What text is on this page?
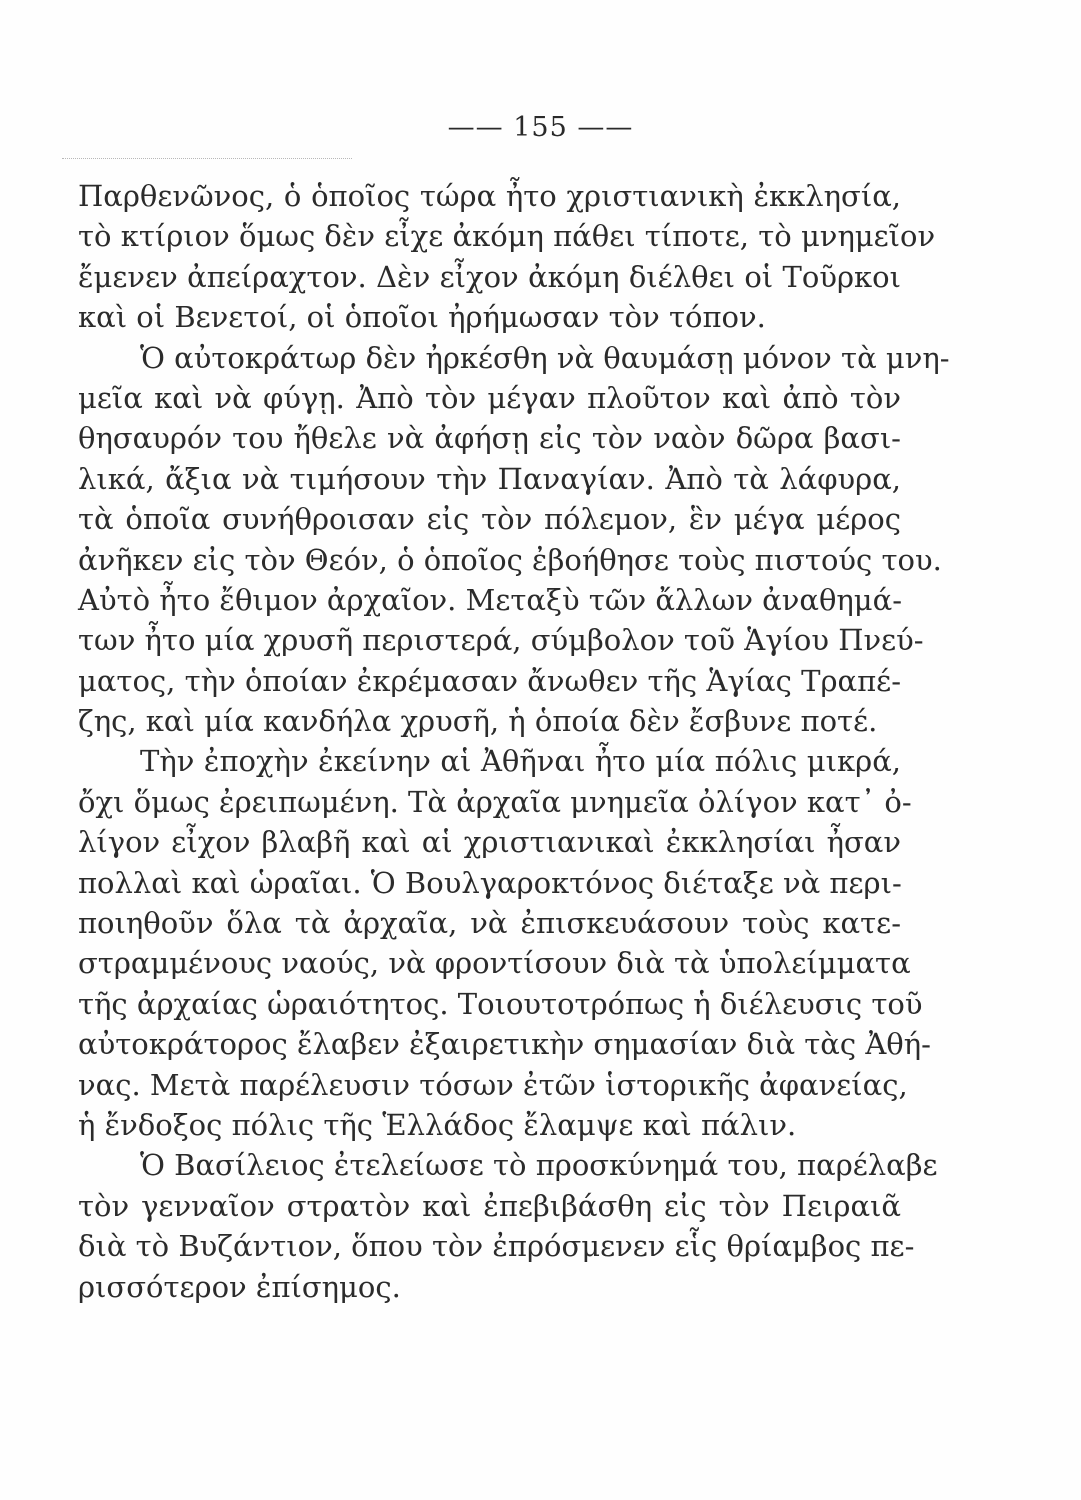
—— 155 ——
Παρθενῶνος, ὁ ὁποῖος τώρα ἦτο χριστιανικὴ ἐκκλησία,
τὸ κτίριον ὅμως δὲν εἶχε ἀκόμη πάθει τίποτε, τὸ μνημεῖον
ἔμενεν ἀπείραχτον. Δὲν εἶχον ἀκόμη διέλθει οἱ Τοῦρκοι
καὶ οἱ Βενετοί, οἱ ὁποῖοι ἠρήμωσαν τὸν τόπον.
Ὁ αὐτοκράτωρ δὲν ἠρκέσθη νὰ θαυμάσῃ μόνον τὰ μνη-
μεῖα καὶ νὰ φύγῃ. Ἀπὸ τὸν μέγαν πλοῦτον καὶ ἀπὸ τὸν
θησαυρόν του ἤθελε νὰ ἀφήσῃ εἰς τὸν ναὸν δῶρα βασι-
λικά, ἄξια νὰ τιμήσουν τὴν Παναγίαν. Ἀπὸ τὰ λάφυρα,
τὰ ὁποῖα συνήθροισαν εἰς τὸν πόλεμον, ἓν μέγα μέρος
ἀνῆκεν εἰς τὸν Θεόν, ὁ ὁποῖος ἐβοήθησε τοὺς πιστούς του.
Αὐτὸ ἦτο ἔθιμον ἀρχαῖον. Μεταξὺ τῶν ἄλλων ἀναθημά-
των ἦτο μία χρυσῆ περιστερά, σύμβολον τοῦ Ἁγίου Πνεύ-
ματος, τὴν ὁποίαν ἐκρέμασαν ἄνωθεν τῆς Ἁγίας Τραπέ-
ζης, καὶ μία κανδήλα χρυσῆ, ἡ ὁποία δὲν ἔσβυνε ποτέ.
Τὴν ἐποχὴν ἐκείνην αἱ Ἀθῆναι ἦτο μία πόλις μικρά,
ὄχι ὅμως ἐρειπωμένη. Τὰ ἀρχαῖα μνημεῖα ὀλίγον κατ᾽ ὀ-
λίγον εἶχον βλαβῆ καὶ αἱ χριστιανικαὶ ἐκκλησίαι ἦσαν
πολλαὶ καὶ ὡραῖαι. Ὁ Βουλγαροκτόνος διέταξε νὰ περι-
ποιηθοῦν ὅλα τὰ ἀρχαῖα, νὰ ἐπισκευάσουν τοὺς κατε-
στραμμένους ναούς, νὰ φροντίσουν διὰ τὰ ὑπολείμματα
τῆς ἀρχαίας ὡραιότητος. Τοιουτοτρόπως ἡ διέλευσις τοῦ
αὐτοκράτορος ἔλαβεν ἐξαιρετικὴν σημασίαν διὰ τὰς Ἀθή-
νας. Μετὰ παρέλευσιν τόσων ἐτῶν ἱστορικῆς ἀφανείας,
ἡ ἔνδοξος πόλις τῆς Ἑλλάδος ἔλαμψε καὶ πάλιν.
Ὁ Βασίλειος ἐτελείωσε τὸ προσκύνημά του, παρέλαβε
τὸν γενναῖον στρατὸν καὶ ἐπεβιβάσθη εἰς τὸν Πειραιᾶ
διὰ τὸ Βυζάντιον, ὅπου τὸν ἐπρόσμενεν εἷς θρίαμβος πε-
ρισσότερον ἐπίσημος.
